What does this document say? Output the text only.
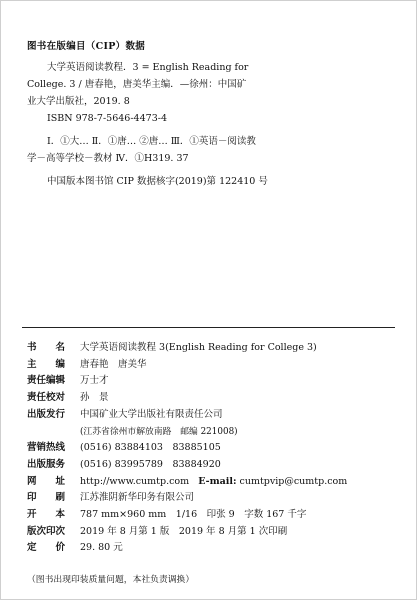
图书在版编目（CIP）数据
大学英语阅读教程．3 = English Reading for
College. 3 / 唐春艳，唐美华主编．—徐州：中国矿
业大学出版社，2019. 8
ISBN 978-7-5646-4473-4
Ⅰ．①大… Ⅱ．①唐… ②唐… Ⅲ．①英语－阅读教
学－高等学校－教材 Ⅳ．①H319. 37
中国版本图书馆 CIP 数据核字(2019)第 122410 号
书　　名	大学英语阅读教程 3(English Reading for College 3)
主　　编	唐春艳　唐美华
责任编辑	万士才
责任校对	孙　景
出版发行	中国矿业大学出版社有限责任公司
(江苏省徐州市解放南路　邮编 221008)
营销热线	(0516) 83884103　83885105
出版服务	(0516) 83995789　83884920
网　　址	http://www.cumtp.com E-mail: cumtpvip@cumtp.com
印　　刷	江苏淮阴新华印务有限公司
开　　本	787 mm×960 mm　1/16　印张 9　字数 167 千字
版次印次	2019 年 8 月第 1 版　2019 年 8 月第 1 次印刷
定　　价	29. 80 元
（图书出现印装质量问题，本社负责调换）
